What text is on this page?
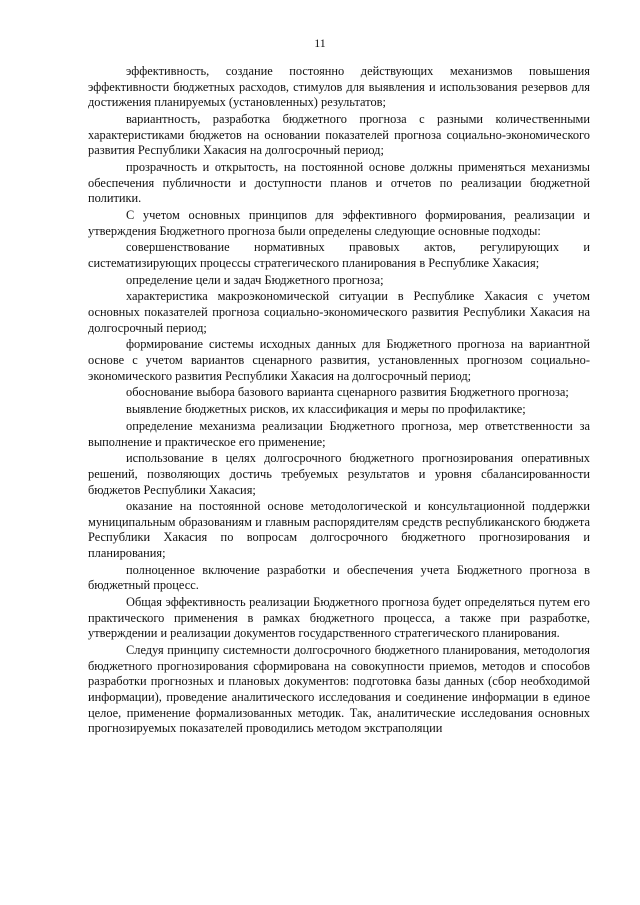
11

эффективность, создание постоянно действующих механизмов повышения эффективности бюджетных расходов, стимулов для выявления и использования резервов для достижения планируемых (установленных) результатов;

вариантность, разработка бюджетного прогноза с разными количественными характеристиками бюджетов на основании показателей прогноза социально-экономического развития Республики Хакасия на долгосрочный период;

прозрачность и открытость, на постоянной основе должны применяться механизмы обеспечения публичности и доступности планов и отчетов по реализации бюджетной политики.

С учетом основных принципов для эффективного формирования, реализации и утверждения Бюджетного прогноза были определены следующие основные подходы:

совершенствование нормативных правовых актов, регулирующих и систематизирующих процессы стратегического планирования в Республике Хакасия;

определение цели и задач Бюджетного прогноза;

характеристика макроэкономической ситуации в Республике Хакасия с учетом основных показателей прогноза социально-экономического развития Республики Хакасия на долгосрочный период;

формирование системы исходных данных для Бюджетного прогноза на вариантной основе с учетом вариантов сценарного развития, установленных прогнозом социально-экономического развития Республики Хакасия на долгосрочный период;

обоснование выбора базового варианта сценарного развития Бюджетного прогноза;

выявление бюджетных рисков, их классификация и меры по профилактике;

определение механизма реализации Бюджетного прогноза, мер ответственности за выполнение и практическое его применение;

использование в целях долгосрочного бюджетного прогнозирования оперативных решений, позволяющих достичь требуемых результатов и уровня сбалансированности бюджетов Республики Хакасия;

оказание на постоянной основе методологической и консультационной поддержки муниципальным образованиям и главным распорядителям средств республиканского бюджета Республики Хакасия по вопросам долгосрочного бюджетного прогнозирования и планирования;

полноценное включение разработки и обеспечения учета Бюджетного прогноза в бюджетный процесс.

Общая эффективность реализации Бюджетного прогноза будет определяться путем его практического применения в рамках бюджетного процесса, а также при разработке, утверждении и реализации документов государственного стратегического планирования.

Следуя принципу системности долгосрочного бюджетного планирования, методология бюджетного прогнозирования сформирована на совокупности приемов, методов и способов разработки прогнозных и плановых документов: подготовка базы данных (сбор необходимой информации), проведение аналитического исследования и соединение информации в единое целое, применение формализованных методик. Так, аналитические исследования основных прогнозируемых показателей проводились методом экстраполяции
